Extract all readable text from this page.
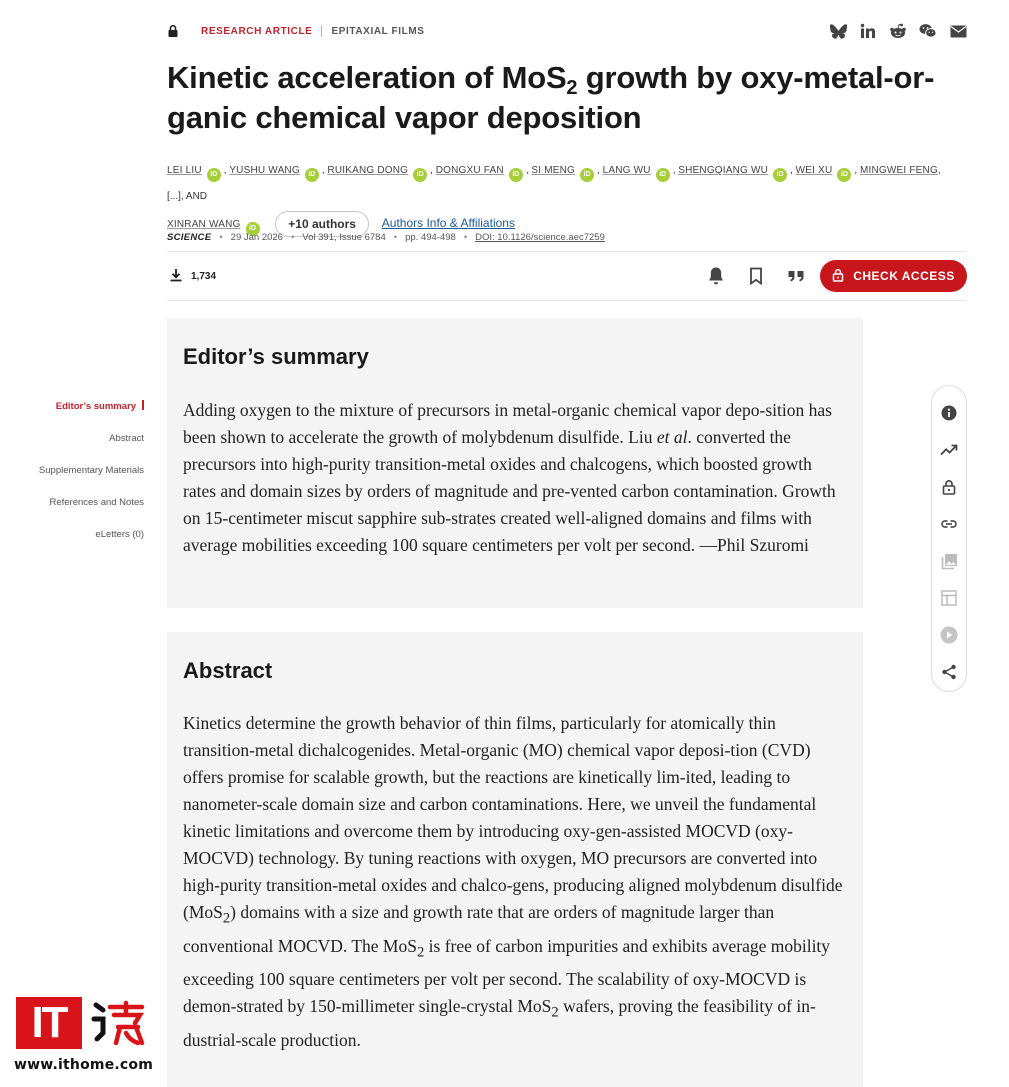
RESEARCH ARTICLE EPITAXIAL FILMS
Kinetic acceleration of MoS$_2$ growth by oxy-metal-or-ganic chemical vapor deposition
LEI LIU iD , YUSHU WANG iD , RUIKANG DONG iD , DONGXU FAN iD , SI MENG iD , LANG WU iD , SHENGQIANG WU iD , WEI XU iD , MINGWEI FENG, [...], AND
XINRAN WANG iD	+10 authors Authors Info & Affiliations
SCIENCE • 29 Jan 2026 • Vol 391, Issue 6784 • pp. 494-498 • DOI: 10.1126/science.aec7259
1,734	CHECK ACCESS
Editor’s summary
Abstract
Supplementary Materials
References and Notes
eLetters (0)
Editor’s summary

Adding oxygen to the mixture of precursors in metal-organic chemical vapor depo-sition has been shown to accelerate the growth of molybdenum disulfide. Liu et al. converted the precursors into high-purity transition-metal oxides and chalcogens, which boosted growth rates and domain sizes by orders of magnitude and pre-vented carbon contamination. Growth on 15-centimeter miscut sapphire sub-strates created well-aligned domains and films with average mobilities exceeding 100 square centimeters per volt per second. —Phil Szuromi

Abstract

Kinetics determine the growth behavior of thin films, particularly for atomically thin transition-metal dichalcogenides. Metal-organic (MO) chemical vapor deposi-tion (CVD) offers promise for scalable growth, but the reactions are kinetically lim-ited, leading to nanometer-scale domain size and carbon contaminations. Here, we unveil the fundamental kinetic limitations and overcome them by introducing oxy-gen-assisted MOCVD (oxy-MOCVD) technology. By tuning reactions with oxygen, MO precursors are converted into high-purity transition-metal oxides and chalco-gens, producing aligned molybdenum disulfide (MoS$_2$) domains with a size and growth rate that are orders of magnitude larger than conventional MOCVD. The MoS$_2$ is free of carbon impurities and exhibits average mobility exceeding 100 square centimeters per volt per second. The scalability of oxy-MOCVD is demon-strated by 150-millimeter single-crystal MoS$_2$ wafers, proving the feasibility of in-dustrial-scale production.

IT
www.ithome.com
